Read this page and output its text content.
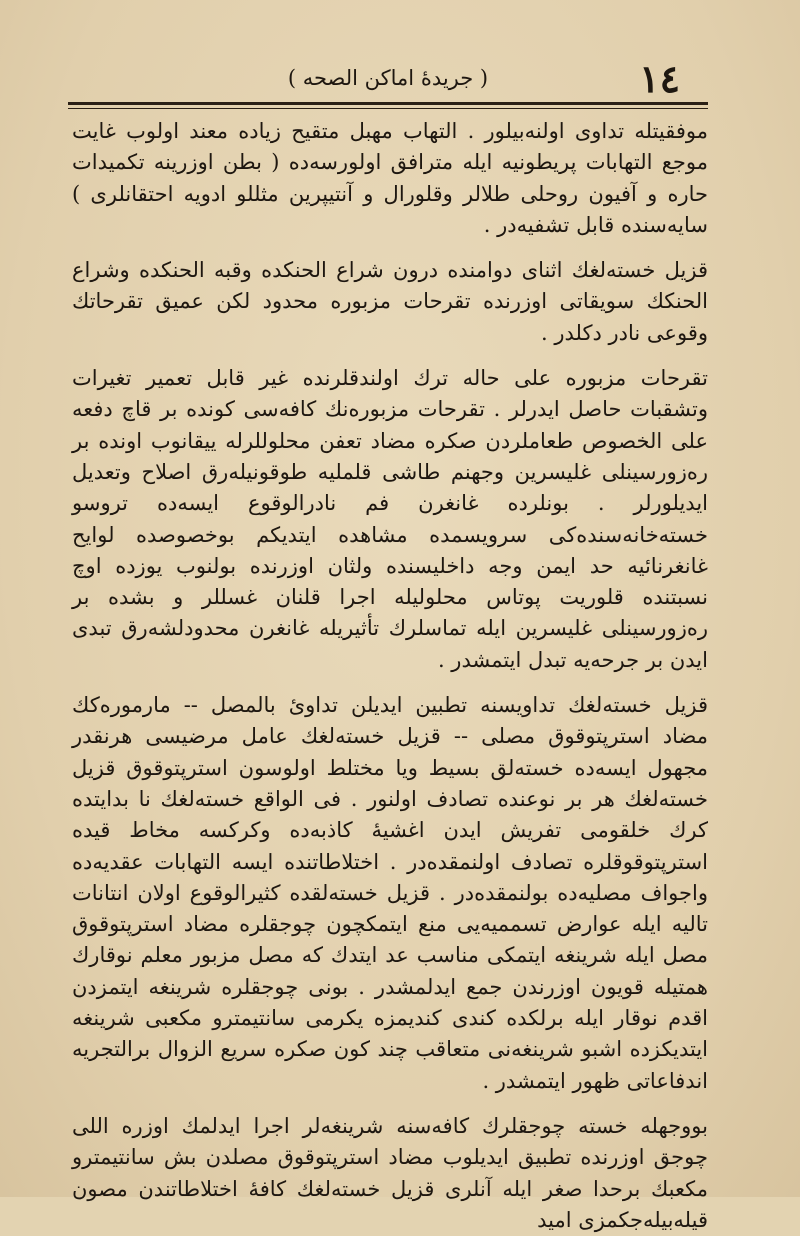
١٤
( جريدهٔ اماكن الصحه )

موفقيتله تداوى اولنه‌بيلور . التهاب مهبل متقيح زياده معند اولوب غايت موجع التهابات پريطونيه ايله مترافق اولورسه‌ده ( بطن اوزرينه تكميدات حاره و آفيون روحلى طلالر وقلورال و آنتيپرين مثللو ادويه احتقانلرى ) سايه‌سنده قابل تشفيه‌در .

قزيل خسته‌لغك اثناى دوامنده درون شراع الحنكده وقبه الحنكده وشراع الحنكك سويقاتى اوزرنده تقرحات مزبوره محدود لكن عميق تقرحاتك وقوعى نادر دكلدر .

تقرحات مزبوره على حاله ترك اولندقلرنده غير قابل تعمير تغيرات وتشقبات حاصل ايدرلر . تقرحات مزبوره‌نك كافه‌سى كونده بر قاچ دفعه على الخصوص طعاملردن صكره مضاد تعفن محلوللرله ييقانوب اونده بر ره‌زورسينلى غليسرين وجهنم طاشى قلمليه طوقونيله‌رق اصلاح وتعديل ايديلورلر . بونلرده غانغرن فم نادرالوقوع ايسه‌ده تروسو خسته‌خانه‌سنده‌كى سرويسمده مشاهده ايتديكم بوخصوصده لوايح غانغرنائيه حد ايمن وجه داخليسنده ولثان اوزرنده بولنوب يوزده اوچ نسبتنده قلوريت پوتاس محلوليله اجرا قلنان غسللر و بشده بر ره‌زورسينلى غليسرين ايله تماسلرك تأثيريله غانغرن محدودلشه‌رق تبدى ايدن بر جرحه‌يه تبدل ايتمشدر .

قزيل خسته‌لغك تداويسنه تطبين ايديلن تداوىٔ بالمصل -- مارموره‌كك مضاد استرپتوقوق مصلى -- قزيل خسته‌لغك عامل مرضيسى هرنقدر مجهول ايسه‌ده خسته‌لق بسيط ويا مختلط اولوسون استرپتوقوق قزيل خسته‌لغك هر بر نوعنده تصادف اولنور . فى الواقع خسته‌لغك نا بدايتده كرك خلقومى تفريش ايدن اغشيهٔ كاذبه‌ده وكركسه مخاط قيده استرپتوقوقلره تصادف اولنمقده‌در . اختلاطاتنده ايسه التهابات عقديه‌ده واجواف مصليه‌ده بولنمقده‌در . قزيل خسته‌لقده كثيرالوقوع اولان انتانات تاليه ايله عوارض تسمميه‌يى منع ايتمكچون چوجقلره مضاد استرپتوقوق مصل ايله شرينغه ايتمكى مناسب عد ايتدك كه مصل مزبور معلم نوقارك همتيله قويون اوزرندن جمع ايدلمشدر . بونى چوجقلره شرينغه ايتمزدن اقدم نوقار ايله برلكده كندى كنديمزه يكرمى سانتيمترو مكعبى شرينغه ايتديكزده اشبو شرينغه‌نى متعاقب چند كون صكره سريع الزوال برالتجريه اندفاعاتى ظهور ايتمشدر .

بووجهله خسته چوجقلرك كافه‌سنه شرينغه‌لر اجرا ايدلمك اوزره اللى چوجق اوزرنده تطبيق ايديلوب مضاد استرپتوقوق مصلدن بش سانتيمترو مكعبك برحدا صغر ايله آنلرى قزيل خسته‌لغك كافهٔ اختلاطاتندن مصون قيله‌بيله‌جكمزى اميد
